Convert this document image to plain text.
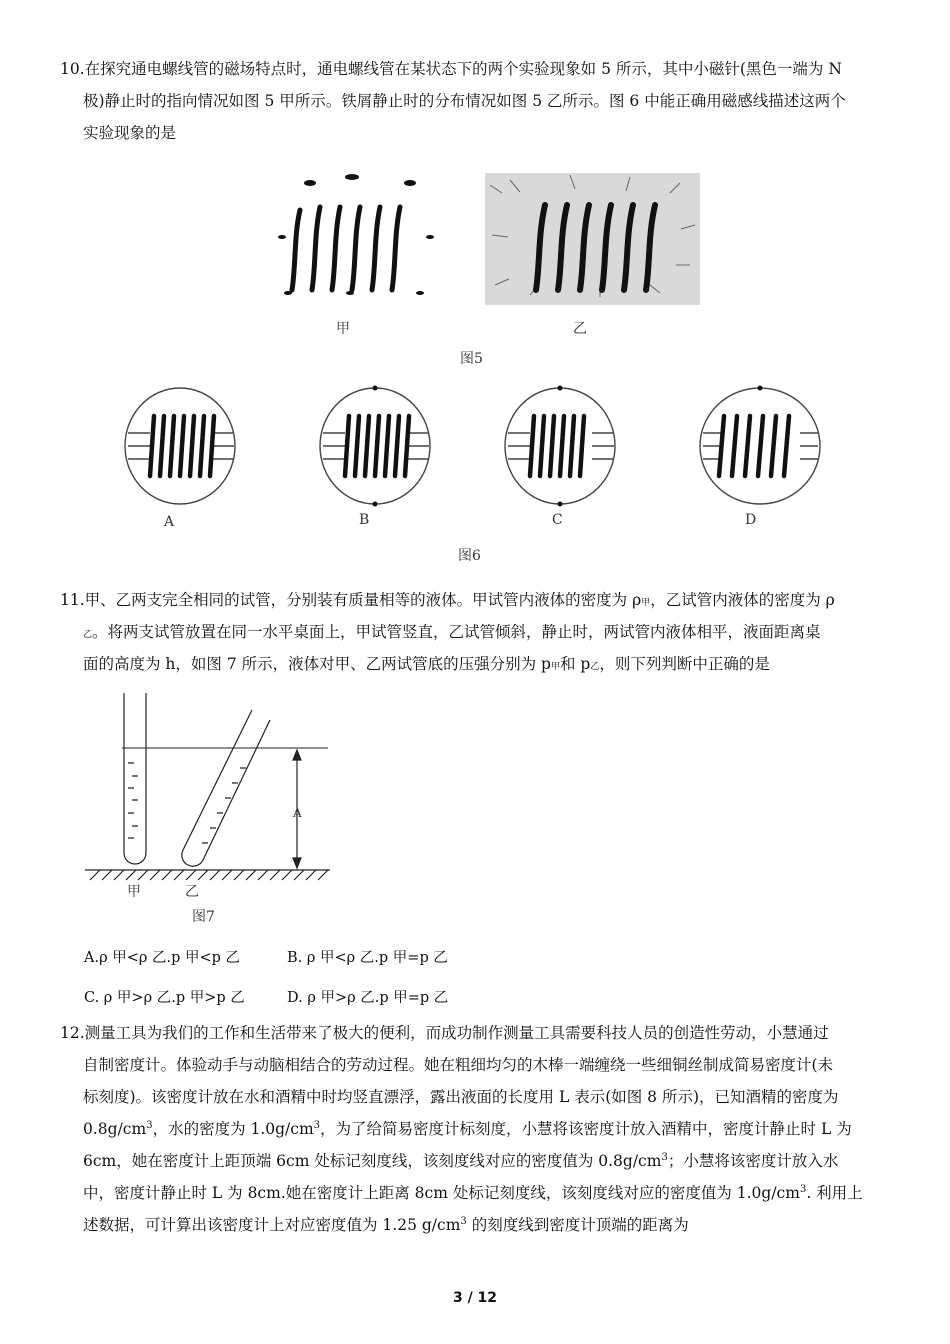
10.在探究通电螺线管的磁场特点时，通电螺线管在某状态下的两个实验现象如 5 所示，其中小磁针(黑色一端为 N
极)静止时的指向情况如图 5 甲所示。铁屑静止时的分布情况如图 5 乙所示。图 6 中能正确用磁感线描述这两个
实验现象的是
甲	乙
图5
A	B	C	D
图6
11.甲、乙两支完全相同的试管，分别装有质量相等的液体。甲试管内液体的密度为 ρ甲，乙试管内液体的密度为 ρ
乙。将两支试管放置在同一水平桌面上，甲试管竖直，乙试管倾斜，静止时，两试管内液体相平，液面距离桌
面的高度为 h，如图 7 所示，液体对甲、乙两试管底的压强分别为 p甲和 p乙，则下列判断中正确的是
A
甲	乙
图7
A.ρ 甲<ρ 乙.p 甲<p 乙	B. ρ 甲<ρ 乙.p 甲=p 乙
C. ρ 甲>ρ 乙.p 甲>p 乙	D. ρ 甲>ρ 乙.p 甲=p 乙
12.测量工具为我们的工作和生活带来了极大的便利，而成功制作测量工具需要科技人员的创造性劳动，小慧通过
自制密度计。体验动手与动脑相结合的劳动过程。她在粗细均匀的木棒一端缠绕一些细铜丝制成简易密度计(未
标刻度)。该密度计放在水和酒精中时均竖直漂浮，露出液面的长度用 L 表示(如图 8 所示)，已知酒精的密度为
$0.8g/cm^3$，水的密度为 $1.0g/cm^3$，为了给简易密度计标刻度，小慧将该密度计放入酒精中，密度计静止时 L 为
6cm，她在密度计上距顶端 6cm 处标记刻度线，该刻度线对应的密度值为 $0.8g/cm^3$；小慧将该密度计放入水
中，密度计静止时 L 为 8cm.她在密度计上距离 8cm 处标记刻度线，该刻度线对应的密度值为 $1.0g/cm^3$. 利用上
述数据，可计算出该密度计上对应密度值为 1.25 $g/cm^3$ 的刻度线到密度计顶端的距离为
3 / 12
